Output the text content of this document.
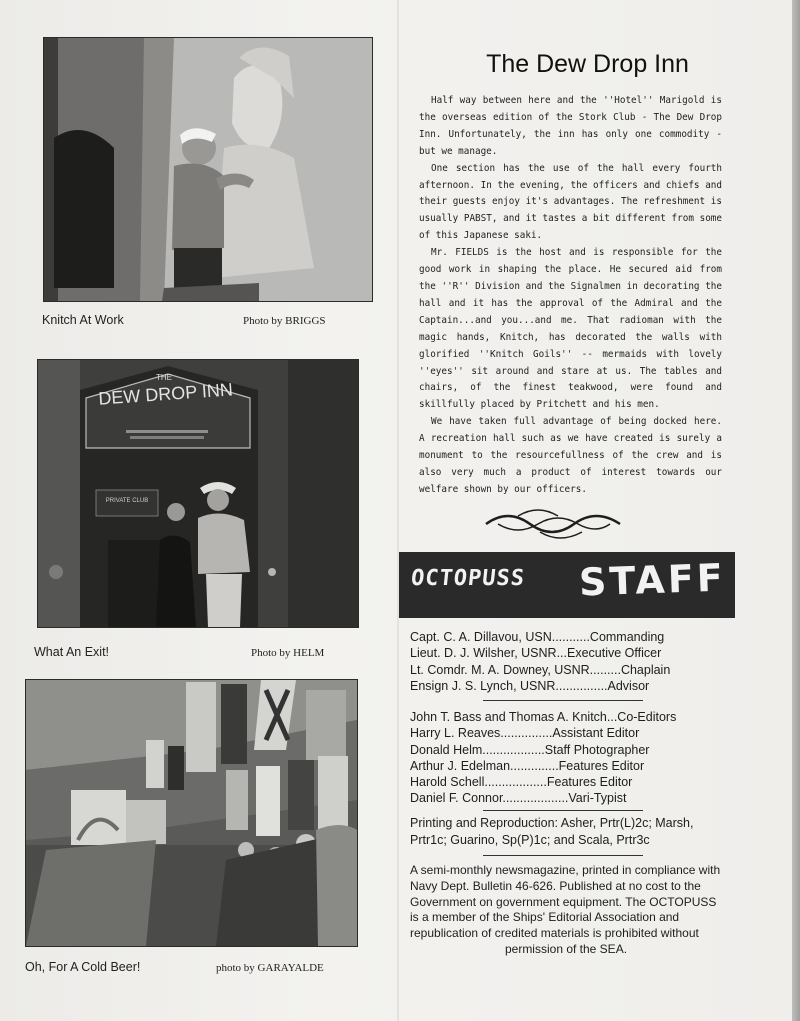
Knitch At Work	Photo by BRIGGS
THE
DEW DROP INN
PRIVATE CLUB
What An Exit!	Photo by HELM
Oh, For A Cold Beer!	photo by GARAYALDE
The Dew Drop Inn

Half way between here and the ''Hotel'' Marigold is the overseas edition of the Stork Club - The Dew Drop Inn. Unfortunately, the inn has only one commodity - but we manage.

One section has the use of the hall every fourth afternoon. In the evening, the officers and chiefs and their guests enjoy it's advantages. The refreshment is usually PABST, and it tastes a bit different from some of this Japanese saki.

Mr. FIELDS is the host and is responsible for the good work in shaping the place. He secured aid from the ''R'' Division and the Signalmen in decorating the hall and it has the approval of the Admiral and the Captain...and you...and me. That radioman with the magic hands, Knitch, has decorated the walls with glorified ''Knitch Goils'' -- mermaids with lovely ''eyes'' sit around and stare at us. The tables and chairs, of the finest teakwood, were found and skillfully placed by Pritchett and his men.

We have taken full advantage of being docked here. A recreation hall such as we have created is surely a monument to the resourcefullness of the crew and is also very much a product of interest towards our welfare shown by our officers.

OCTOPUSS STAFF
Capt. C. A. Dillavou, USN...........Commanding
Lieut. D. J. Wilsher, USNR...Executive Officer
Lt. Comdr. M. A. Downey, USNR.........Chaplain
Ensign J. S. Lynch, USNR...............Advisor
John T. Bass and Thomas A. Knitch...Co-Editors
Harry L. Reaves...............Assistant Editor
Donald Helm..................Staff Photographer
Arthur J. Edelman..............Features Editor
Harold Schell..................Features Editor
Daniel F. Connor...................Vari-Typist
Printing and Reproduction: Asher, Prtr(L)2c; Marsh, Prtr1c; Guarino, Sp(P)1c; and Scala, Prtr3c
A semi-monthly newsmagazine, printed in compliance with Navy Dept. Bulletin 46-626. Published at no cost to the Government on government equipment. The OCTOPUSS is a member of the Ships' Editorial Association and republication of credited materials is prohibited without
permission of the SEA.
